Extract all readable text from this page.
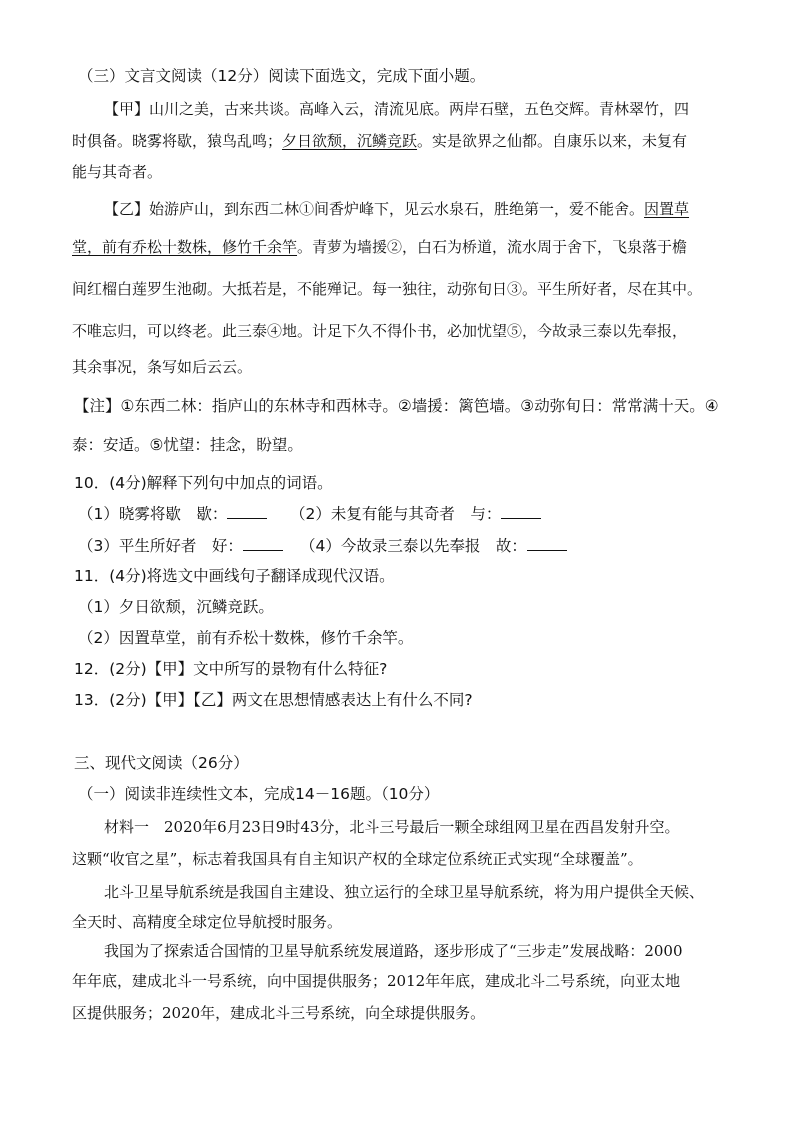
（三）文言文阅读（12分）阅读下面选文，完成下面小题。
【甲】山川之美，古来共谈。高峰入云，清流见底。两岸石壁，五色交辉。青林翠竹，四
时俱备。晓雾将歇，猿鸟乱鸣；夕日欲颓，沉鳞竞跃。实是欲界之仙都。自康乐以来，未复有
能与其奇者。
【乙】始游庐山，到东西二林①间香炉峰下，见云水泉石，胜绝第一，爱不能舍。因置草
堂，前有乔松十数株，修竹千余竿。青萝为墙援②，白石为桥道，流水周于舍下，飞泉落于檐
间红榴白莲罗生池砌。大抵若是，不能殚记。每一独往，动弥旬日③。平生所好者，尽在其中。
不唯忘归，可以终老。此三泰④地。计足下久不得仆书，必加忧望⑤，今故录三泰以先奉报，
其余事况，条写如后云云。
【注】①东西二林：指庐山的东林寺和西林寺。②墙援：篱笆墙。③动弥旬日：常常满十天。④
泰：安适。⑤忧望：挂念，盼望。
10．(4分)解释下列句中加点的词语。
（1）晓雾将歇　歇：	（2）未复有能与其奇者　与：
（3）平生所好者　好：	（4）今故录三泰以先奉报　故：
11．(4分)将选文中画线句子翻译成现代汉语。
（1）夕日欲颓，沉鳞竞跃。
（2）因置草堂，前有乔松十数株，修竹千余竿。
12．(2分)【甲】文中所写的景物有什么特征?
13．(2分)【甲】【乙】两文在思想情感表达上有什么不同?
三、现代文阅读（26分）
（一）阅读非连续性文本，完成14－16题。（10分）
材料一　2020年6月23日9时43分，北斗三号最后一颗全球组网卫星在西昌发射升空。
这颗“收官之星”，标志着我国具有自主知识产权的全球定位系统正式实现“全球覆盖”。
北斗卫星导航系统是我国自主建设、独立运行的全球卫星导航系统，将为用户提供全天候、
全天时、高精度全球定位导航授时服务。
我国为了探索适合国情的卫星导航系统发展道路，逐步形成了“三步走”发展战略：2000
年年底，建成北斗一号系统，向中国提供服务；2012年年底，建成北斗二号系统，向亚太地
区提供服务；2020年，建成北斗三号系统，向全球提供服务。
